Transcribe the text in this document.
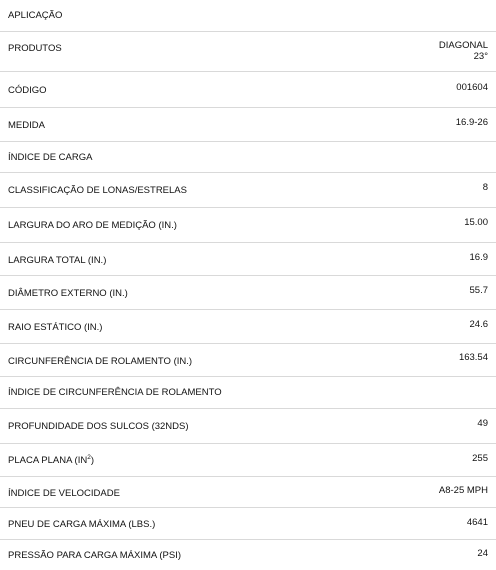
APLICAÇÃO
PRODUTOS	DIAGONAL
23°
CÓDIGO	001604
MEDIDA	16.9-26
ÍNDICE DE CARGA
CLASSIFICAÇÃO DE LONAS/ESTRELAS	8
LARGURA DO ARO DE MEDIÇÃO (IN.)	15.00
LARGURA TOTAL (IN.)	16.9
DIÂMETRO EXTERNO (IN.)	55.7
RAIO ESTÁTICO (IN.)	24.6
CIRCUNFERÊNCIA DE ROLAMENTO (IN.)	163.54
ÍNDICE DE CIRCUNFERÊNCIA DE ROLAMENTO
PROFUNDIDADE DOS SULCOS (32NDS)	49
PLACA PLANA $(IN^2)$	255
ÍNDICE DE VELOCIDADE	A8-25 MPH
PNEU DE CARGA MÁXIMA (LBS.)	4641
PRESSÃO PARA CARGA MÁXIMA (PSI)	24
